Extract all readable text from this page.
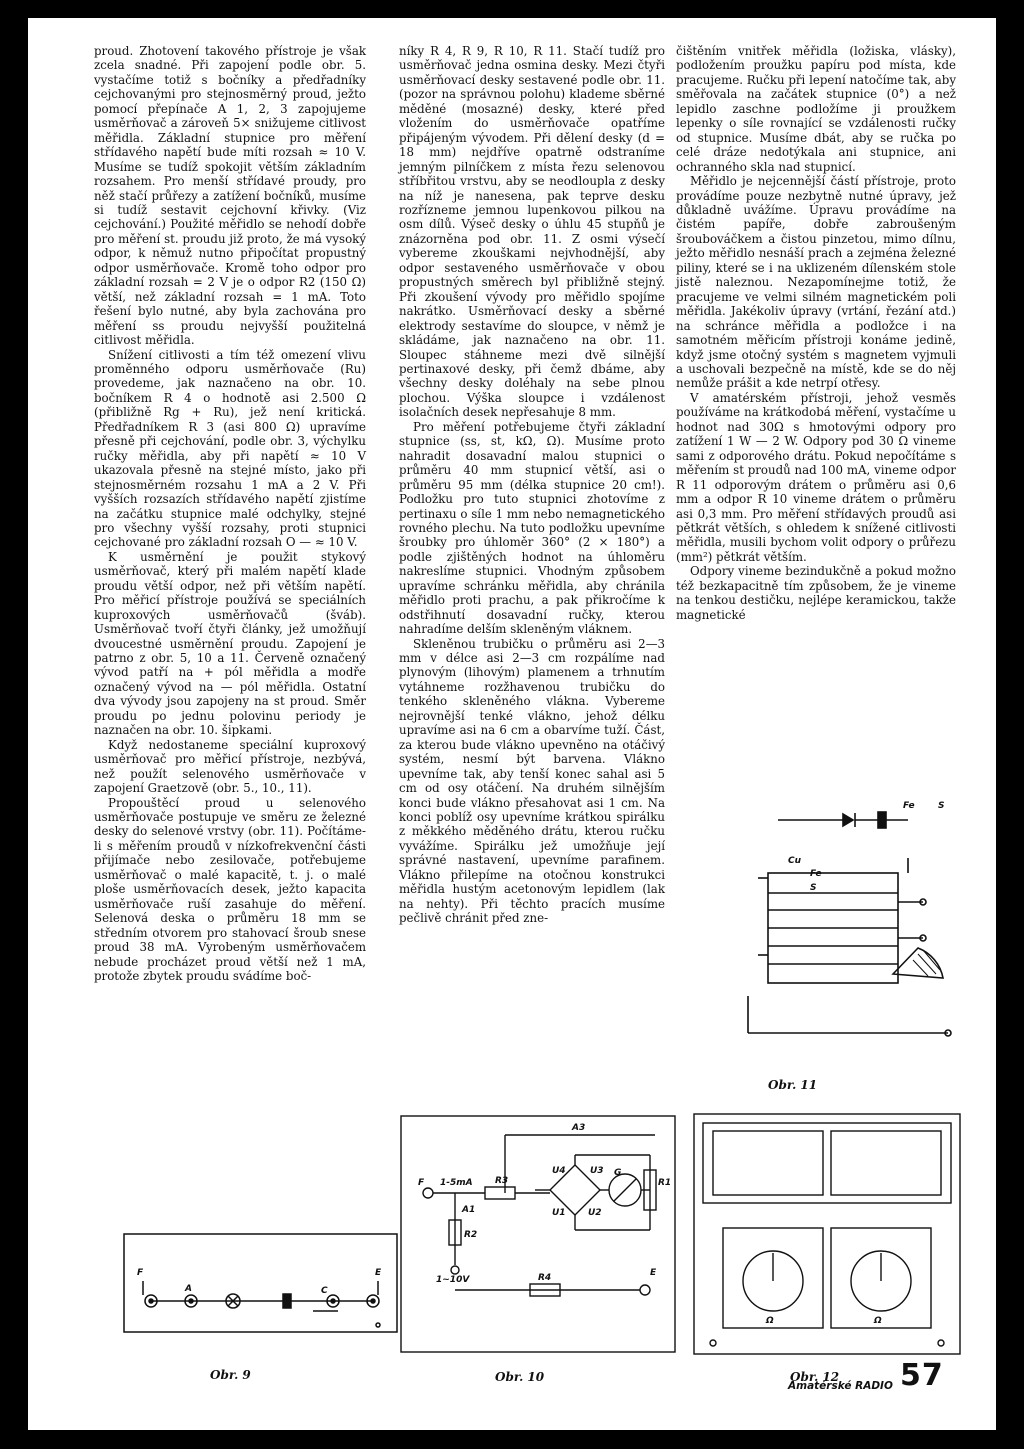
proud. Zhotovení takového přístroje je však zcela snadné. Při zapojení podle obr. 5. vystačíme totiž s bočníky a předřadníky cejchovanými pro stejnosměrný proud, ježto pomocí přepínače A 1, 2, 3 zapojujeme usměrňovač a zároveň 5× snižujeme citlivost měřidla. Základní stupnice pro měření střídavého napětí bude míti rozsah ≈ 10 V. Musíme se tudíž spokojit větším základním rozsahem. Pro menší střídavé proudy, pro něž stačí průřezy a zatížení bočníků, musíme si tudíž sestavit cejchovní křivky. (Viz cejchování.) Použité měřidlo se nehodí dobře pro měření st. proudu již proto, že má vysoký odpor, k němuž nutno připočítat propustný odpor usměrňovače. Kromě toho odpor pro základní rozsah = 2 V je o odpor R2 (150 Ω) větší, než základní rozsah = 1 mA. Toto řešení bylo nutné, aby byla zachována pro měření ss proudu nejvyšší použitelná citlivost měřidla.

Snížení citlivosti a tím též omezení vlivu proměnného odporu usměrňovače (Ru) provedeme, jak naznačeno na obr. 10. bočníkem R 4 o hodnotě asi 2.500 Ω (přibližně Rg + Ru), jež není kritická. Předřadníkem R 3 (asi 800 Ω) upravíme přesně při cejchování, podle obr. 3, výchylku ručky měřidla, aby při napětí ≈ 10 V ukazovala přesně na stejné místo, jako při stejnosměrném rozsahu 1 mA a 2 V. Při vyšších rozsazích střídavého napětí zjistíme na začátku stupnice malé odchylky, stejné pro všechny vyšší rozsahy, proti stupnici cejchované pro základní rozsah O — ≈ 10 V.

K usměrnění je použit stykový usměrňovač, který při malém napětí klade proudu větší odpor, než při větším napětí. Pro měřicí přístroje používá se speciálních kuproxových usměrňovačů (šváb). Usměrňovač tvoří čtyři články, jež umožňují dvoucestné usměrnění proudu. Zapojení je patrno z obr. 5, 10 a 11. Červeně označený vývod patří na + pól měřidla a modře označený vývod na — pól měřidla. Ostatní dva vývody jsou zapojeny na st proud. Směr proudu po jednu polovinu periody je naznačen na obr. 10. šipkami.

Když nedostaneme speciální kuproxový usměrňovač pro měřicí přístroje, nezbývá, než použít selenového usměrňovače v zapojení Graetzově (obr. 5., 10., 11).

Propouštěcí proud u selenového usměrňovače postupuje ve směru ze železné desky do selenové vrstvy (obr. 11). Počítáme-li s měřením proudů v nízkofrekvenční části přijímače nebo zesilovače, potřebujeme usměrňovač o malé kapacitě, t. j. o malé ploše usměrňovacích desek, ježto kapacita usměrňovače ruší zasahuje do měření. Selenová deska o průměru 18 mm se středním otvorem pro stahovací šroub snese proud 38 mA. Vyrobeným usměrňovačem nebude procházet proud větší než 1 mA, protože zbytek proudu svádíme boč-

níky R 4, R 9, R 10, R 11. Stačí tudíž pro usměrňovač jedna osmina desky. Mezi čtyři usměrňovací desky sestavené podle obr. 11. (pozor na správnou polohu) klademe sběrné měděné (mosazné) desky, které před vložením do usměrňovače opatříme připájeným vývodem. Při dělení desky (d = 18 mm) nejdříve opatrně odstraníme jemným pilníčkem z místa řezu selenovou stříbřitou vrstvu, aby se neodloupla z desky na níž je nanesena, pak teprve desku rozřízneme jemnou lupenkovou pilkou na osm dílů. Výseč desky o úhlu 45 stupňů je znázorněna pod obr. 11. Z osmi výsečí vybereme zkouškami nejvhodnější, aby odpor sestaveného usměrňovače v obou propustných směrech byl přibližně stejný. Při zkoušení vývody pro měřidlo spojíme nakrátko. Usměrňovací desky a sběrné elektrody sestavíme do sloupce, v němž je skládáme, jak naznačeno na obr. 11. Sloupec stáhneme mezi dvě silnější pertinaxové desky, při čemž dbáme, aby všechny desky doléhaly na sebe plnou plochou. Výška sloupce i vzdálenost isolačních desek nepřesahuje 8 mm.

Pro měření potřebujeme čtyři základní stupnice (ss, st, kΩ, Ω). Musíme proto nahradit dosavadní malou stupnici o průměru 40 mm stupnicí větší, asi o průměru 95 mm (délka stupnice 20 cm!). Podložku pro tuto stupnici zhotovíme z pertinaxu o síle 1 mm nebo nemagnetického rovného plechu. Na tuto podložku upevníme šroubky pro úhloměr 360° (2 × 180°) a podle zjištěných hodnot na úhloměru nakreslíme stupnici. Vhodným způsobem upravíme schránku měřidla, aby chránila měřidlo proti prachu, a pak přikročíme k odstřihnutí dosavadní ručky, kterou nahradíme delším skleněným vláknem.

Skleněnou trubičku o průměru asi 2—3 mm v délce asi 2—3 cm rozpálíme nad plynovým (lihovým) plamenem a trhnutím vytáhneme rozžhavenou trubičku do tenkého skleněného vlákna. Vybereme nejrovnější tenké vlákno, jehož délku upravíme asi na 6 cm a obarvíme tuží. Část, za kterou bude vlákno upevněno na otáčivý systém, nesmí být barvena. Vlákno upevníme tak, aby tenší konec sahal asi 5 cm od osy otáčení. Na druhém silnějším konci bude vlákno přesahovat asi 1 cm. Na konci poblíž osy upevníme krátkou spirálku z měkkého měděného drátu, kterou ručku vyvážíme. Spirálku jež umožňuje její správné nastavení, upevníme parafinem. Vlákno přilepíme na otočnou konstrukci měřidla hustým acetonovým lepidlem (lak na nehty). Při těchto pracích musíme pečlivě chránit před zne-

čištěním vnitřek měřidla (ložiska, vlásky), podložením proužku papíru pod místa, kde pracujeme. Ručku při lepení natočíme tak, aby směřovala na začátek stupnice (0°) a než lepidlo zaschne podložíme ji proužkem lepenky o síle rovnající se vzdálenosti ručky od stupnice. Musíme dbát, aby se ručka po celé dráze nedotýkala ani stupnice, ani ochranného skla nad stupnicí.

Měřidlo je nejcennější částí přístroje, proto provádíme pouze nezbytně nutné úpravy, jež důkladně uvážíme. Úpravu provádíme na čistém papíře, dobře zabroušeným šroubováčkem a čistou pinzetou, mimo dílnu, ježto měřidlo nesnáší prach a zejména železné piliny, které se i na uklizeném dílenském stole jistě naleznou. Nezapomínejme totiž, že pracujeme ve velmi silném magnetickém poli měřidla. Jakékoliv úpravy (vrtání, řezání atd.) na schránce měřidla a podložce i na samotném měřicím přístroji konáme jedině, když jsme otočný systém s magnetem vyjmuli a uschovali bezpečně na místě, kde se do něj nemůže prášit a kde netrpí otřesy.

V amatérském přístroji, jehož vesměs používáme na krátkodobá měření, vystačíme u hodnot nad 30Ω s hmotovými odpory pro zatížení 1 W — 2 W. Odpory pod 30 Ω vineme sami z odporového drátu. Pokud nepočítáme s měřením st proudů nad 100 mA, vineme odpor R 11 odporovým drátem o průměru asi 0,6 mm a odpor R 10 vineme drátem o průměru asi 0,3 mm. Pro měření střídavých proudů asi pětkrát větších, s ohledem k snížené citlivosti měřidla, musili bychom volit odpory o průřezu (mm²) pětkrát větším.

Odpory vineme bezindukčně a pokud možno též bezkapacitně tím způsobem, že je vineme na tenkou destičku, nejlépe keramickou, takže magnetické

Fe	S
Cu
Fe
S
Obr. 11
F
A	C
E
Obr. 9
F 1-5mA
1~10V
A1
A3
R3
R2
R4
U4	U3
U1 U2
G
R1
E
Obr. 10
Ω	Ω
Obr. 12
Amatérské RADIO 57
